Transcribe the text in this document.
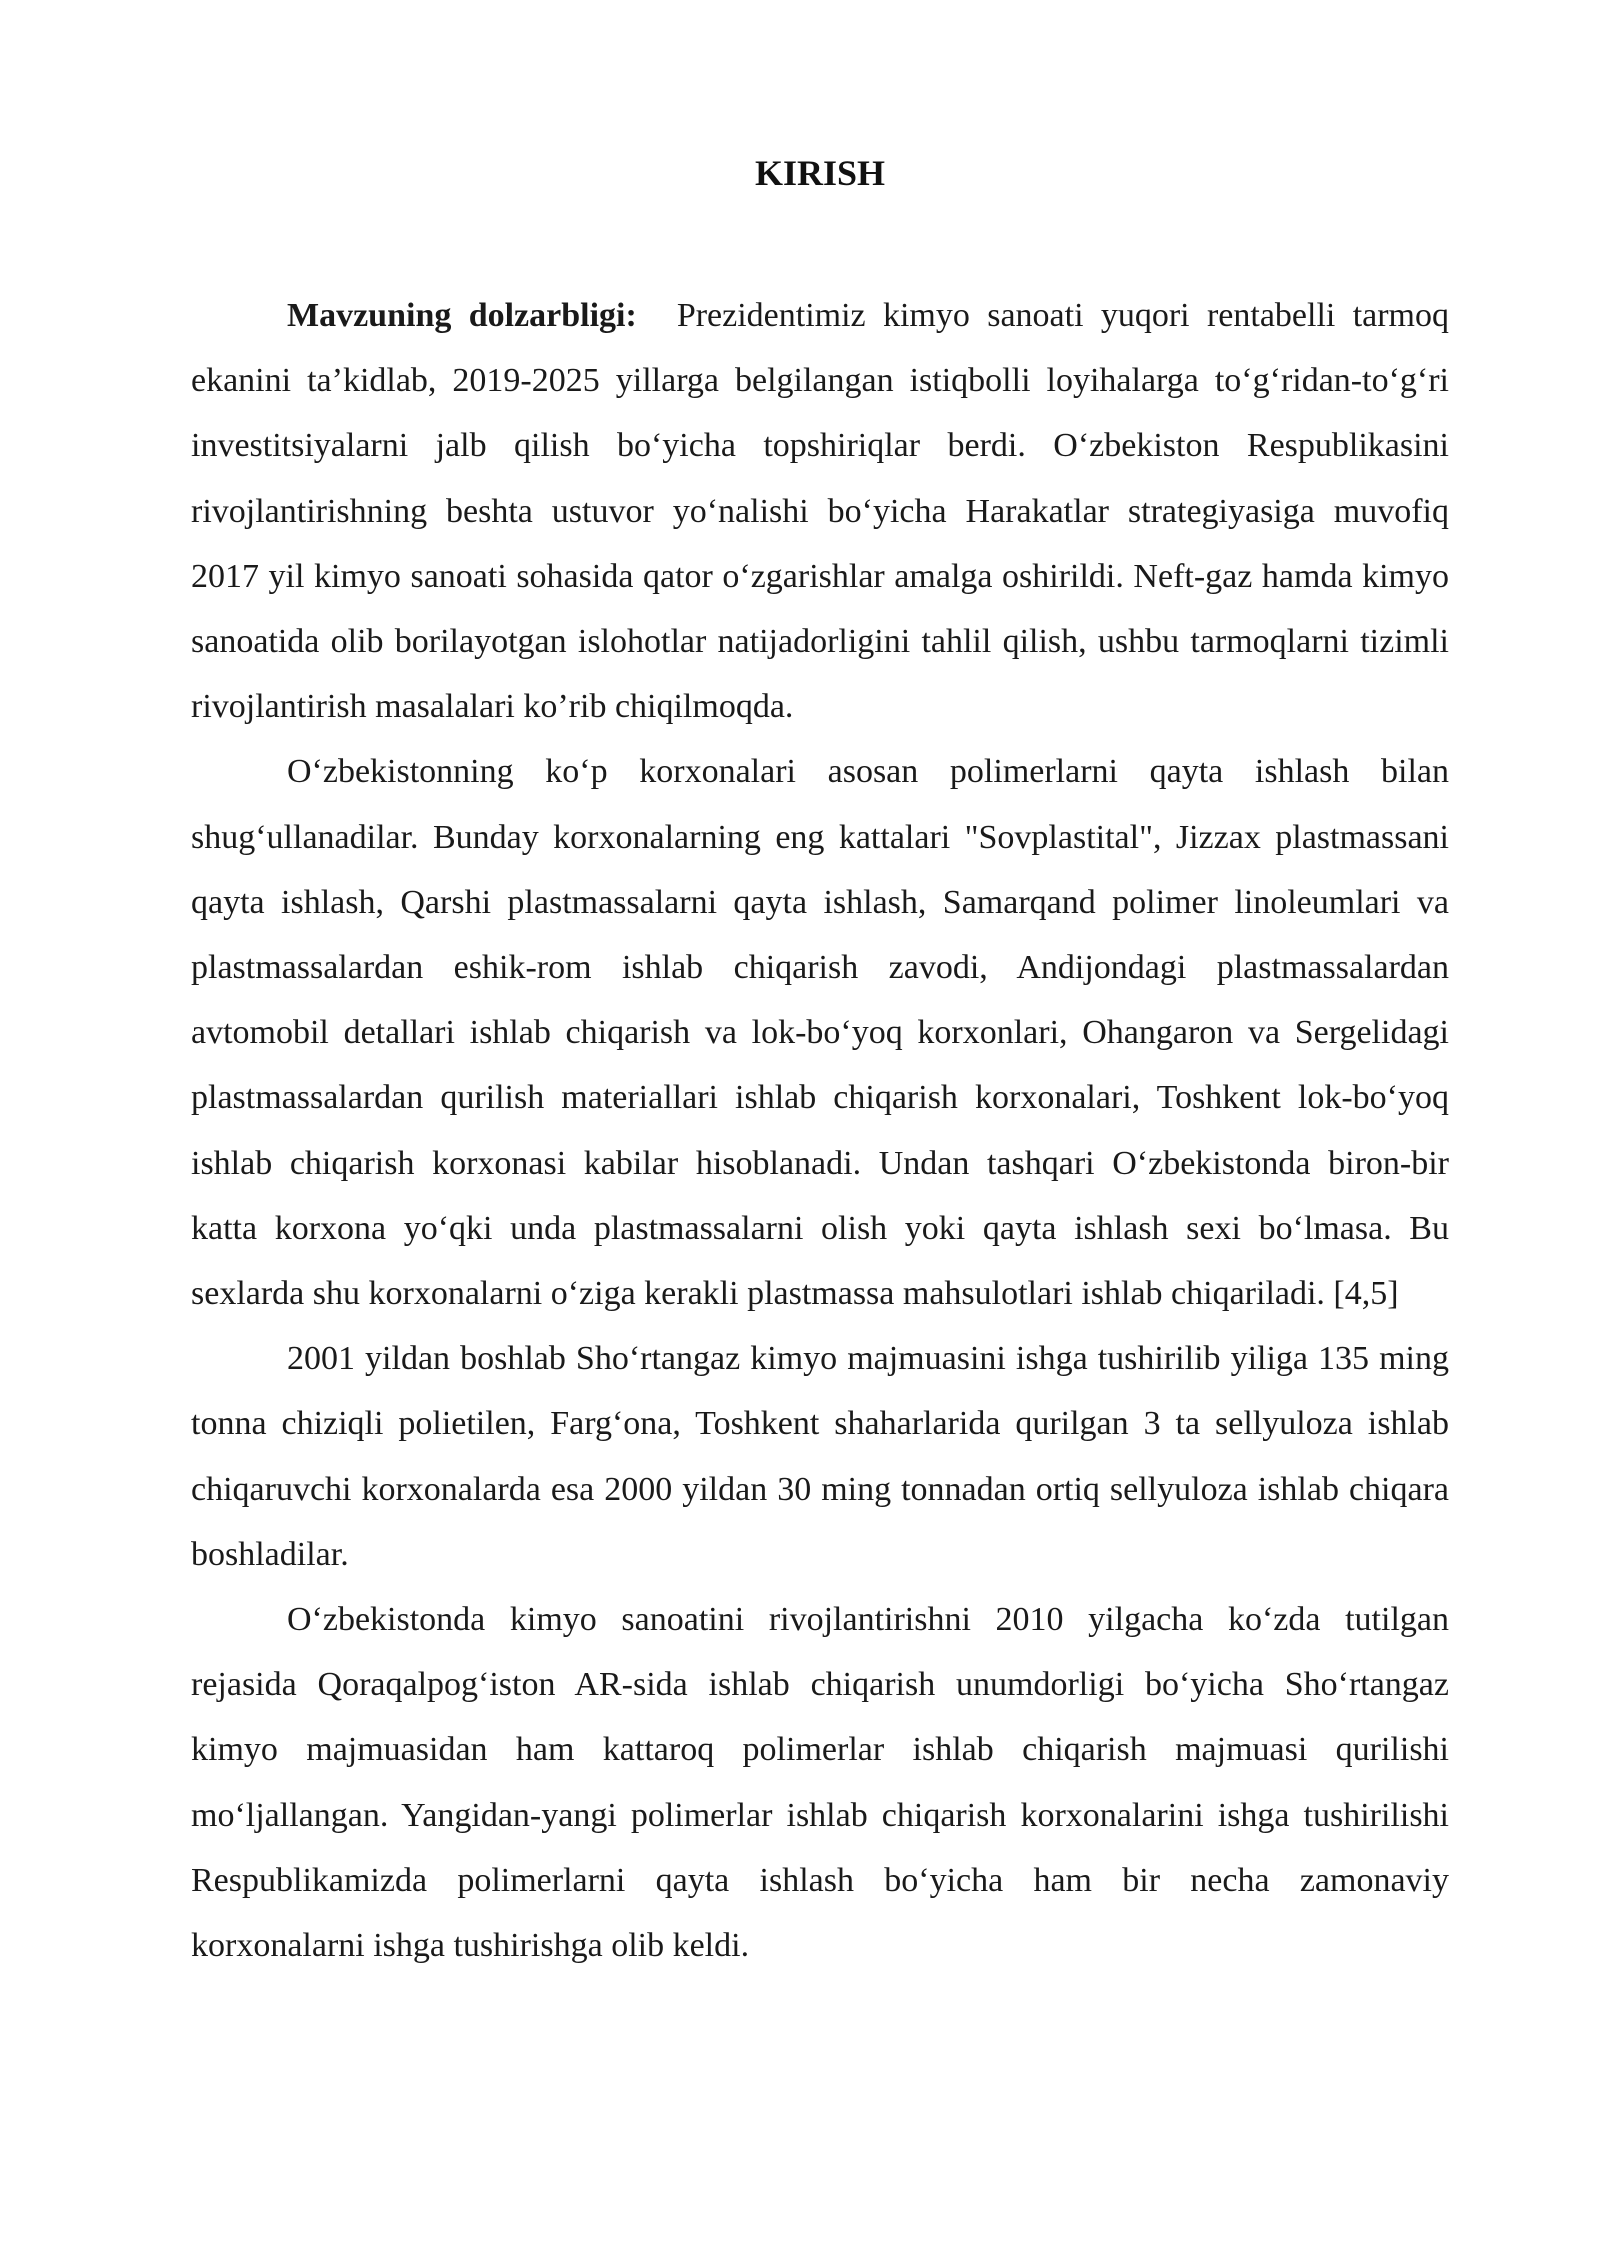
KIRISH

Mavzuning dolzarbligi: Prezidentimiz kimyo sanoati yuqori rentabelli tarmoq ekanini ta’kidlab, 2019-2025 yillarga belgilangan istiqbolli loyihalarga to‘g‘ridan-to‘g‘ri investitsiyalarni jalb qilish bo‘yicha topshiriqlar berdi. O‘zbekiston Respublikasini rivojlantirishning beshta ustuvor yo‘nalishi bo‘yicha Harakatlar strategiyasiga muvofiq 2017 yil kimyo sanoati sohasida qator o‘zgarishlar amalga oshirildi. Neft-gaz hamda kimyo sanoatida olib borilayotgan islohotlar natijadorligini tahlil qilish, ushbu tarmoqlarni tizimli rivojlantirish masalalari ko’rib chiqilmoqda.

O‘zbekistonning ko‘p korxonalari asosan polimerlarni qayta ishlash bilan shug‘ullanadilar. Bunday korxonalarning eng kattalari "Sovplastital", Jizzax plastmassani qayta ishlash, Qarshi plastmassalarni qayta ishlash, Samarqand polimer linoleumlari va plastmassalardan eshik-rom ishlab chiqarish zavodi, Andijondagi plastmassalardan avtomobil detallari ishlab chiqarish va lok-bo‘yoq korxonlari, Ohangaron va Sergelidagi plastmassalardan qurilish materiallari ishlab chiqarish korxonalari, Toshkent lok-bo‘yoq ishlab chiqarish korxonasi kabilar hisoblanadi. Undan tashqari O‘zbekistonda biron-bir katta korxona yo‘qki unda plastmassalarni olish yoki qayta ishlash sexi bo‘lmasa. Bu sexlarda shu korxonalarni o‘ziga kerakli plastmassa mahsulotlari ishlab chiqariladi. [4,5]

2001 yildan boshlab Sho‘rtangaz kimyo majmuasini ishga tushirilib yiliga 135 ming tonna chiziqli polietilen, Farg‘ona, Toshkent shaharlarida qurilgan 3 ta sellyuloza ishlab chiqaruvchi korxonalarda esa 2000 yildan 30 ming tonnadan ortiq sellyuloza ishlab chiqara boshladilar.

O‘zbekistonda kimyo sanoatini rivojlantirishni 2010 yilgacha ko‘zda tutilgan rejasida Qoraqalpog‘iston AR-sida ishlab chiqarish unumdorligi bo‘yicha Sho‘rtangaz kimyo majmuasidan ham kattaroq polimerlar ishlab chiqarish majmuasi qurilishi mo‘ljallangan. Yangidan-yangi polimerlar ishlab chiqarish korxonalarini ishga tushirilishi Respublikamizda polimerlarni qayta ishlash bo‘yicha ham bir necha zamonaviy korxonalarni ishga tushirishga olib keldi.
